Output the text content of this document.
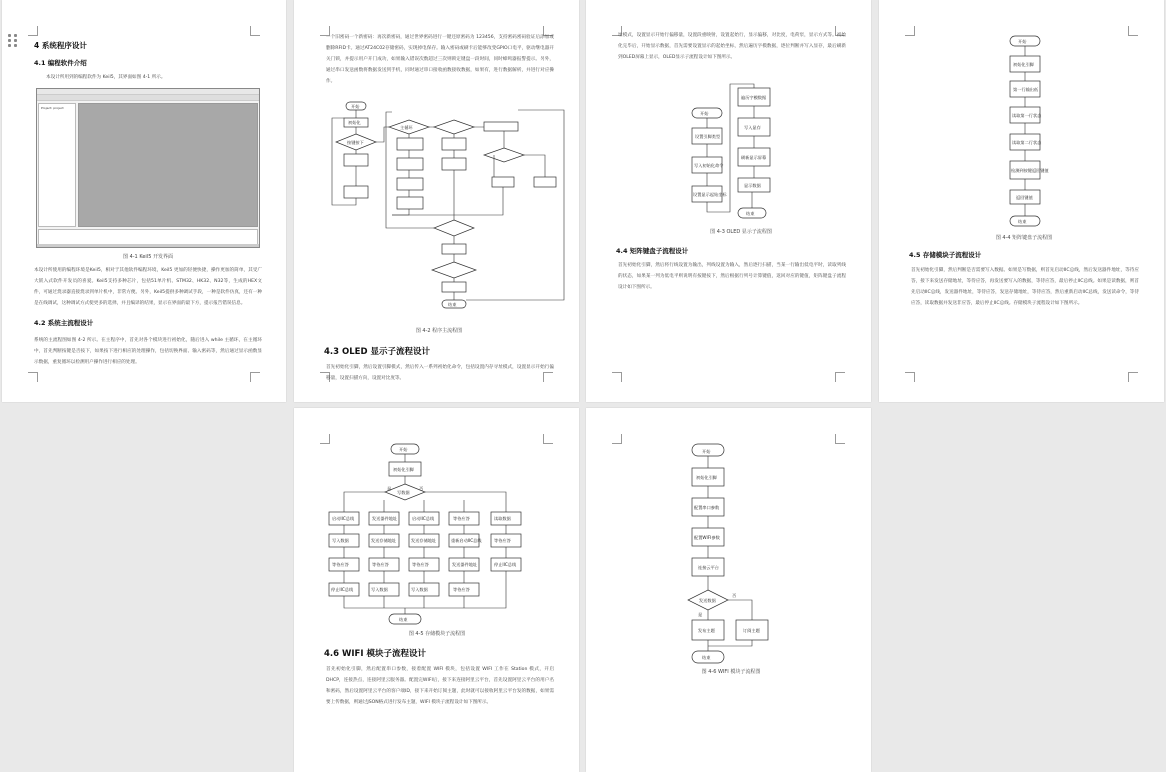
4 系统程序设计
4.1 编程软件介绍
本设计所用到的编程软件为 Keil5，其界面如图 4-1 所示。
Project: project
图 4-1 Keil5 开发界面
本设计所使用的编程环境是Keil5，相对于其他软件编程环境，Keil5 更加的轻便快捷，操作更加的简单，其受广大嵌入式软件开发员的喜爱。Keil5支持多种芯片，包括51单片机、STM32、HK32、N32等，生成的HEX文件，可通过烧录器直接烧录到单片机中，非常方便。另外，Keil5提供多种调试手段，一种是软件仿真，还有一种是在线调试，这种调试方式使更多的选择，并且编译的结果，显示在界面的最下方，提示报告错误信息。
4.2 系统主流程设计
系统的主流程图如图 4-2 所示。在主程序中，首先对各个模块进行初始化，随后进入 while 主循环，在主循环中，首先判断按键是否按下，如果按下进行相应的处理操作，包括切换界面、输入密码等，然后通过显示函数显示数据，重复循环以检测用户操作进行相应的处理。
一个旧密码一个新密码：再次新密码，通过世界密码进行一键还原密码为 123456，支持密码密码验证后添加或删除RFID卡。通过AT24C02存储密码，实现掉电保存。输入密码或刷卡后能够改变GPIO口电平，驱动继电器开关门锁，并提示用户开门成功，如果输入错误次数超过三次则锁定键盘一段时间，同时蜂鸣器报警提示。另外，通过串口发送函数将数据发送到手机，同时通过串口接收函数接收数据，如果有，进行数据解析，并进行对应操作。
开始
初始化
按键按下
主循环
结束
图 4-2 程序主流程图
4.3 OLED 显示子流程设计
首先初始化引脚，然后设置引脚模式，然后传入一系列初始化命令，包括设置内存寻址模式，设置显示开始行偏移量，设置扫描方向，设置对比度等。
址模式，设置显示开始行偏移量，设置段重映射，设置起始行，显示偏移，对比度，电荷泵，显示方式等。初始化完毕后，开始显示数据，首先需要设置显示的起始坐标，然后遍历字模数据，逐位判断并写入显存，最后刷新到OLED屏幕上显示，OLED显示子流程设计如下图所示。
开始
设置引脚类型
写入初始化命令
设置显示起始坐标
遍历字模数据
写入显存
刷新显示屏幕
显示数据
结束
图 4-3 OLED 显示子流程图
4.4 矩阵键盘子流程设计
首先初始化引脚，然后将行线设置为输出，列线设置为输入，然后逐行扫描，当某一行输出低电平时，读取列线的状态，如果某一列为低电平则说明有按键按下，然后根据行列号计算键值，返回对应的键值，矩阵键盘子流程设计如下图所示。
开始
初始化引脚
第一行输出低
读取第一行状态
读取第二行状态
检测到按键返回键值
返回键值
结束
图 4-4 矩阵键盘子流程图
4.5 存储模块子流程设计
首先初始化引脚，然后判断是否需要写入数据。如果是写数据，则首先启动IIC总线，然后发送器件地址，等待应答，接下来发送存储地址，等待应答，再发送要写入的数据，等待应答，最后停止IIC总线。如果是读数据，则首先启动IIC总线，发送器件地址，等待应答，发送存储地址，等待应答，然后重新启动IIC总线，发送读命令，等待应答，读取数据并发送非应答，最后停止IIC总线。存储模块子流程设计如下图所示。
开始
初始化引脚
写数据
是	否
启动IIC总线	发送器件地址	启动IIC总线	等待应答	读取数据
写入数据	发送存储地址	发送存储地址	重新启动IIC总线	等待应答
等待应答	等待应答	等待应答	发送器件地址	停止IIC总线
停止IIC总线	写入数据	写入数据	等待应答
结束
图 4-5 存储模块子流程图
4.6 WIFI 模块子流程设计
首先初始化引脚，然后配置串口参数，接着配置 WIFI 模块，包括设置 WIFI 工作在 Station 模式，开启 DHCP，连接热点，连接阿里云服务器。配置完WIFI后，接下来连接阿里云平台，首先设置阿里云平台的用户名和密码，然后设置阿里云平台的客户端ID，接下来开始订阅主题，此时就可以接收阿里云平台发的数据，如果需要上传数据，则通过JSON格式进行发布主题，WIFI 模块子流程设计如下图所示。
开始
初始化引脚
配置串口参数
配置WIFI参数
连接云平台
发送数据
是
否
发布主题	订阅主题
结束
图 4-6 WIFI 模块子流程图
